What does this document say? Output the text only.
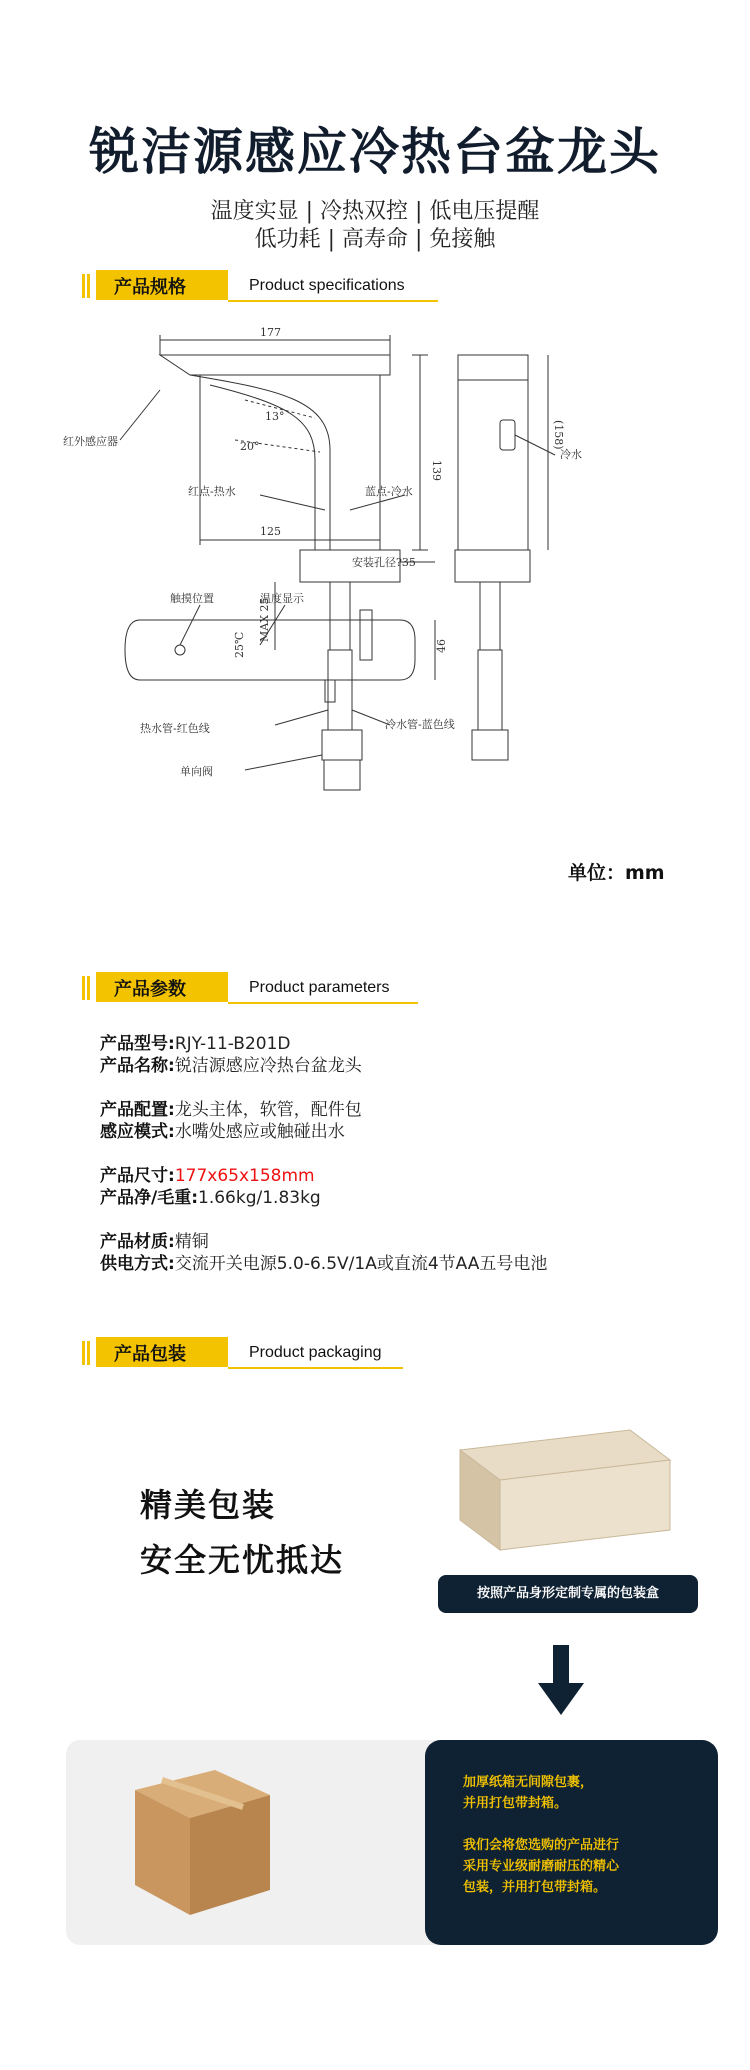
锐洁源感应冷热台盆龙头
温度实显 | 冷热双控 | 低电压提醒
低功耗 | 高寿命 | 免接触
产品规格	Product specifications
177
125
139
(158)
13°
20°
红外感应器
红点-热水	蓝点-冷水
安装孔径?35
MAX 25
热水管-红色线	冷水管-蓝色线
单向阀
冷水
触摸位置	温度显示
25℃	46
单位：mm
产品参数	Product parameters
产品型号:RJY-11-B201D
产品名称:锐洁源感应冷热台盆龙头
产品配置:龙头主体，软管，配件包
感应模式:水嘴处感应或触碰出水
产品尺寸:177x65x158mm
产品净/毛重:1.66kg/1.83kg
产品材质:精铜
供电方式:交流开关电源5.0-6.5V/1A或直流4节AA五号电池
产品包装	Product packaging
精美包装
安全无忧抵达
按照产品身形定制专属的包装盒
加厚纸箱无间隙包裹，
并用打包带封箱。
我们会将您选购的产品进行
采用专业级耐磨耐压的精心
包装，并用打包带封箱。
